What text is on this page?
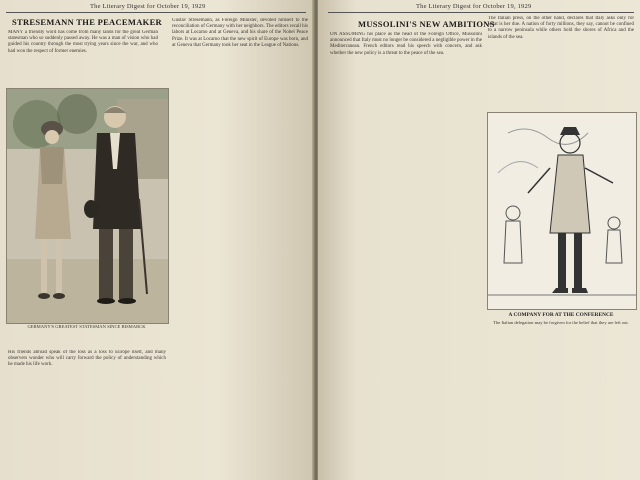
The Literary Digest for October 19, 1929
STRESEMANN THE PEACEMAKER
MANY a friendly word has come from many lands for the great German statesman who so suddenly passed away. He was a man of vision who had guided his country through the most trying years since the war, and who had won the respect of former enemies.
GERMANY'S GREATEST STATESMAN SINCE BISMARCK
His friends abroad speak of the loss as a loss to Europe itself, and many observers wonder who will carry forward the policy of understanding which he made his life work.
Gustav Stresemann, as Foreign Minister, devoted himself to the reconciliation of Germany with her neighbors. The editors recall his labors at Locarno and at Geneva, and his share of the Nobel Peace Prize. It was at Locarno that the new spirit of Europe was born, and at Geneva that Germany took her seat in the League of Nations.
The Literary Digest for October 19, 1929
MUSSOLINI'S NEW AMBITIONS
ON ASSUMING his place as the head of the Foreign Office, Mussolini announced that Italy must no longer be considered a negligible power in the Mediterranean. French editors read his speech with concern, and ask whether the new policy is a threat to the peace of the sea.
The Italian press, on the other hand, declares that Italy asks only for what is her due. A nation of forty millions, they say, cannot be confined to a narrow peninsula while others hold the shores of Africa and the islands of the sea.
A COMPANY FOR AT THE CONFERENCE
The Italian delegation may be forgiven for the belief that they are left out.
